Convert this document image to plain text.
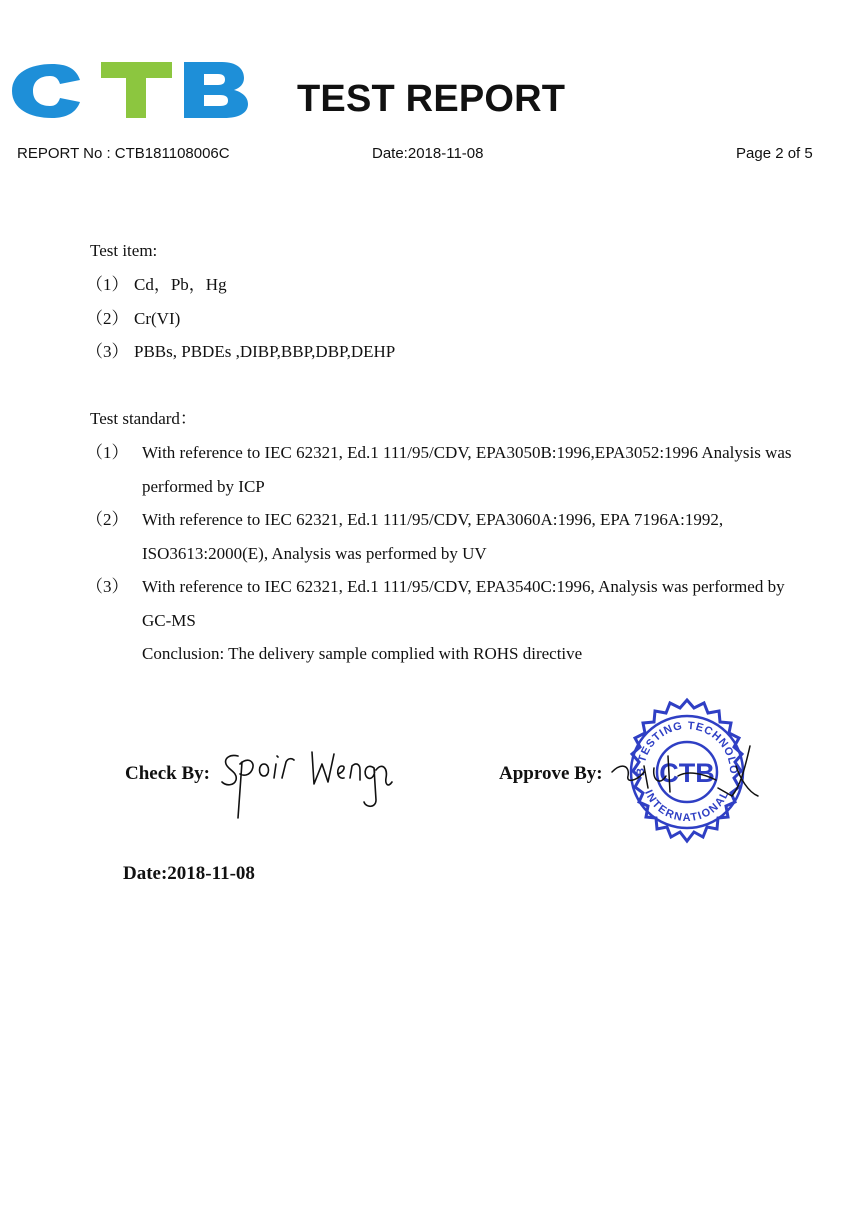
TEST REPORT
REPORT No : CTB181108006C	Date:2018-11-08	Page 2 of 5
Test item:
（1） Cd，Pb，Hg
（2） Cr(VI)
（3） PBBs, PBDEs ,DIBP,BBP,DBP,DEHP
Test standard：
（1） With reference to IEC 62321, Ed.1 111/95/CDV, EPA3050B:1996,EPA3052:1996 Analysis was
performed by ICP
（2） With reference to IEC 62321, Ed.1 111/95/CDV, EPA3060A:1996, EPA 7196A:1992,
ISO3613:2000(E), Analysis was performed by UV
（3） With reference to IEC 62321, Ed.1 111/95/CDV, EPA3540C:1996, Analysis was performed by
GC-MS
Conclusion: The delivery sample complied with ROHS directive
Check By:	Approve By:	B TESTING TECHNOLO
INTERNATIONAL
CTB
Date:2018-11-08
